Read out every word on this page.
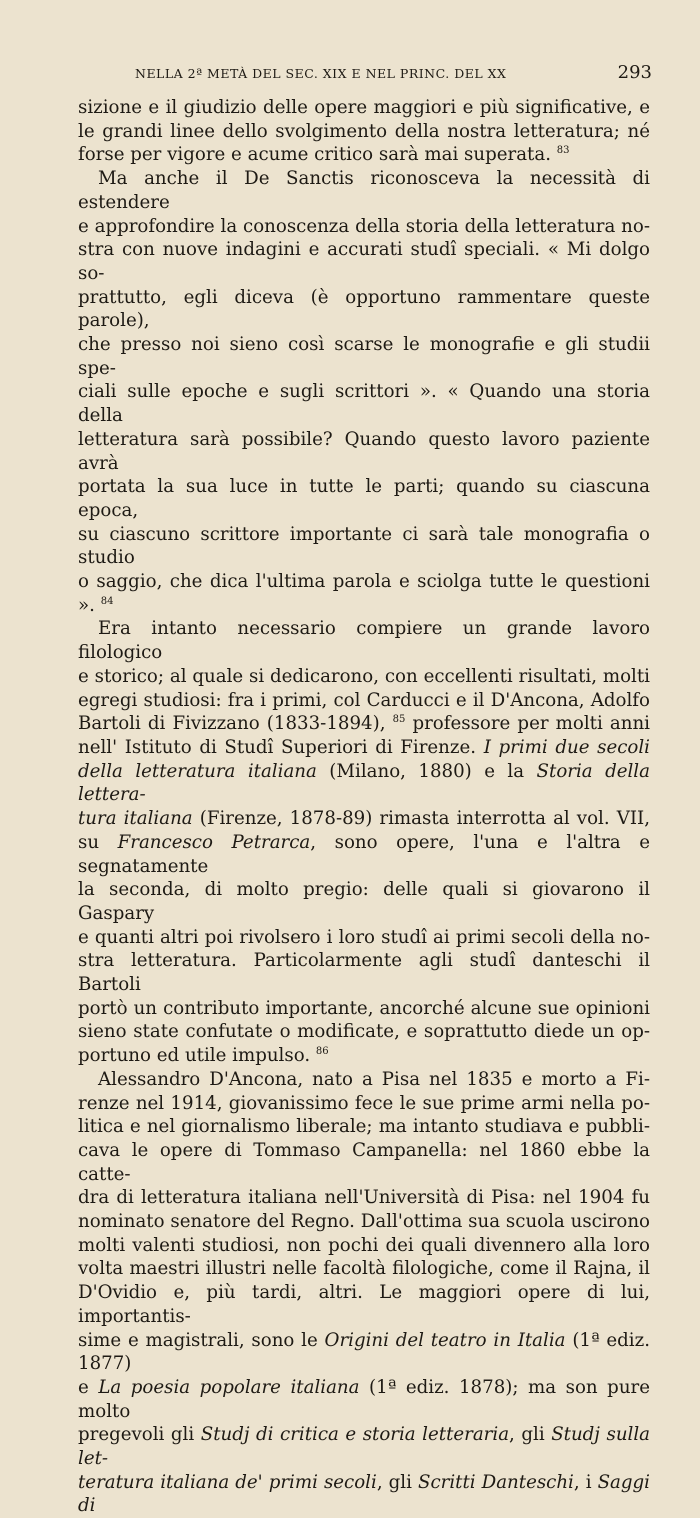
NELLA 2ª METÀ DEL SEC. XIX E NEL PRINC. DEL XX	293

sizione e il giudizio delle opere maggiori e più significative, e

le grandi linee dello svolgimento della nostra letteratura; né

forse per vigore e acume critico sarà mai superata. $^{83}$

Ma anche il De Sanctis riconosceva la necessità di estendere

e approfondire la conoscenza della storia della letteratura no-

stra con nuove indagini e accurati studî speciali. « Mi dolgo so-

prattutto, egli diceva (è opportuno rammentare queste parole),

che presso noi sieno così scarse le monografie e gli studii spe-

ciali sulle epoche e sugli scrittori ». « Quando una storia della

letteratura sarà possibile? Quando questo lavoro paziente avrà

portata la sua luce in tutte le parti; quando su ciascuna epoca,

su ciascuno scrittore importante ci sarà tale monografia o studio

o saggio, che dica l'ultima parola e sciolga tutte le questioni ». $^{84}$

Era intanto necessario compiere un grande lavoro filologico

e storico; al quale si dedicarono, con eccellenti risultati, molti

egregi studiosi: fra i primi, col Carducci e il D'Ancona, Adolfo

Bartoli di Fivizzano (1833-1894), $^{85}$ professore per molti anni

nell' Istituto di Studî Superiori di Firenze. I primi due secoli

della letteratura italiana (Milano, 1880) e la Storia della lettera-

tura italiana (Firenze, 1878-89) rimasta interrotta al vol. VII,

su Francesco Petrarca, sono opere, l'una e l'altra e segnatamente

la seconda, di molto pregio: delle quali si giovarono il Gaspary

e quanti altri poi rivolsero i loro studî ai primi secoli della no-

stra letteratura. Particolarmente agli studî danteschi il Bartoli

portò un contributo importante, ancorché alcune sue opinioni

sieno state confutate o modificate, e soprattutto diede un op-

portuno ed utile impulso. $^{86}$

Alessandro D'Ancona, nato a Pisa nel 1835 e morto a Fi-

renze nel 1914, giovanissimo fece le sue prime armi nella po-

litica e nel giornalismo liberale; ma intanto studiava e pubbli-

cava le opere di Tommaso Campanella: nel 1860 ebbe la catte-

dra di letteratura italiana nell'Università di Pisa: nel 1904 fu

nominato senatore del Regno. Dall'ottima sua scuola uscirono

molti valenti studiosi, non pochi dei quali divennero alla loro

volta maestri illustri nelle facoltà filologiche, come il Rajna, il

D'Ovidio e, più tardi, altri. Le maggiori opere di lui, importantis-

sime e magistrali, sono le Origini del teatro in Italia (1ª ediz. 1877)

e La poesia popolare italiana (1ª ediz. 1878); ma son pure molto

pregevoli gli Studj di critica e storia letteraria, gli Studj sulla let-

teratura italiana de' primi secoli, gli Scritti Danteschi, i Saggi di
